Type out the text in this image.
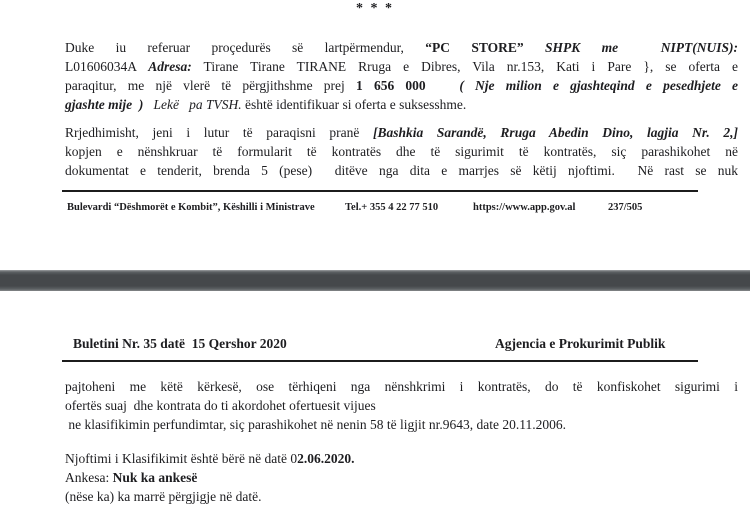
* * *
Duke iu referuar proçedurës së lartpërmendur, “PC STORE” SHPK me  NIPT(NUIS):
L01606034A Adresa: Tirane Tirane TIRANE Rruga e Dibres, Vila nr.153, Kati i Pare }, se oferta e
paraqitur, me një vlerë të përgjithshme prej 1 656 000 ( Nje milion e gjashteqind e pesedhjete e
gjashte mije  )   Lekë   pa TVSH. është identifikuar si oferta e suksesshme.
Rrjedhimisht, jeni i lutur të paraqisni pranë [Bashkia Sarandë, Rruga Abedin Dino, lagjia Nr. 2,]
kopjen e nënshkruar të formularit të kontratës dhe të sigurimit të kontratës, siç parashikohet në
dokumentat e tenderit, brenda 5 (pese)  ditëve nga dita e marrjes së këtij njoftimi.  Në rast se nuk
Bulevardi “Dëshmorët e Kombit”, Këshilli i Ministrave	Tel.+ 355 4 22 77 510	https://www.app.gov.al	237/505
Buletini Nr. 35 datë  15 Qershor 2020	Agjencia e Prokurimit Publik
pajtoheni me këtë kërkesë, ose tërhiqeni nga nënshkrimi i kontratës, do të konfiskohet sigurimi i
ofertës suaj  dhe kontrata do ti akordohet ofertuesit vijues
ne klasifikimin perfundimtar, siç parashikohet në nenin 58 të ligjit nr.9643, date 20.11.2006.
Njoftimi i Klasifikimit është bërë në datë 02.06.2020.
Ankesa: Nuk ka ankesë
(nëse ka) ka marrë përgjigje në datë.
